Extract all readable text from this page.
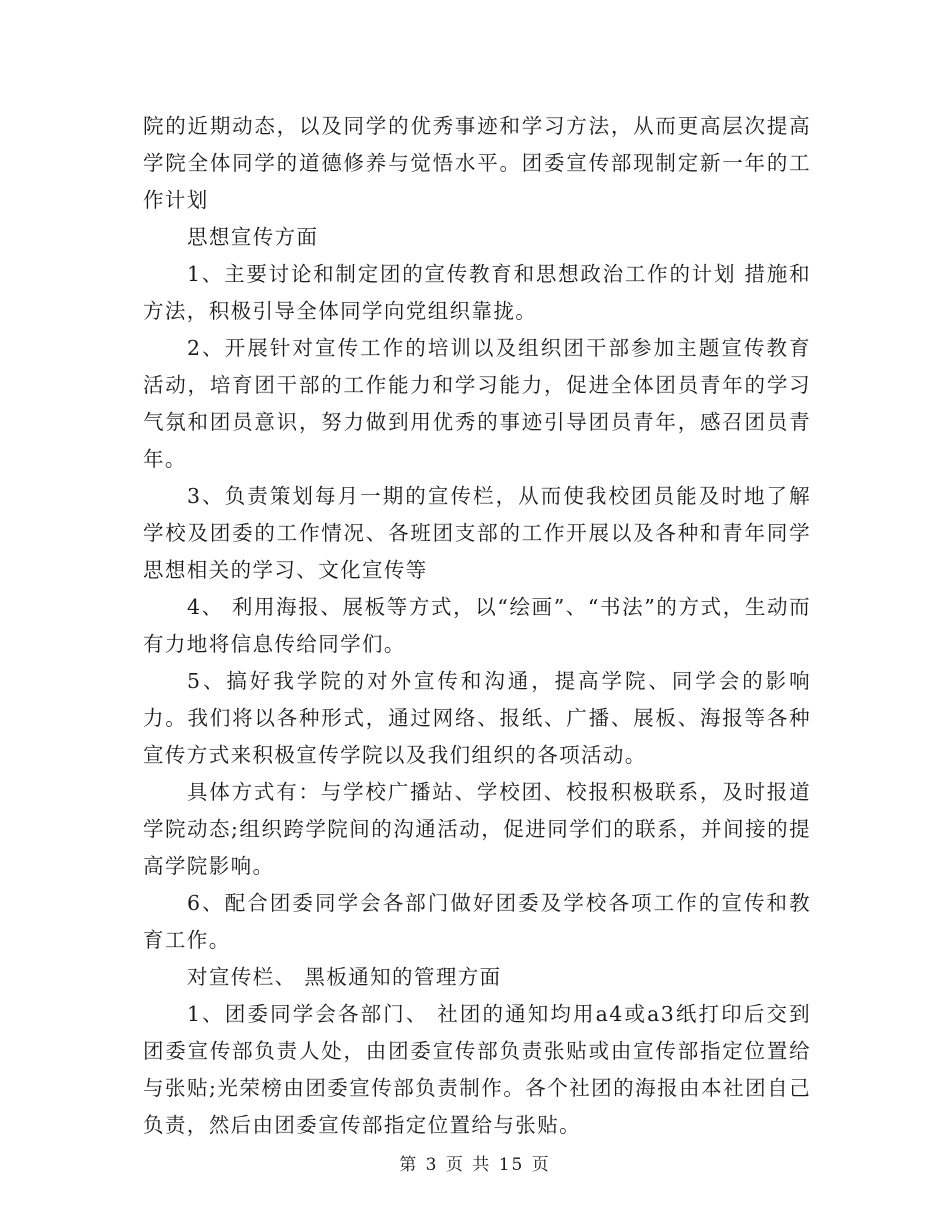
院的近期动态，以及同学的优秀事迹和学习方法，从而更高层次提高学院全体同学的道德修养与觉悟水平。团委宣传部现制定新一年的工作计划

思想宣传方面

1、主要讨论和制定团的宣传教育和思想政治工作的计划 措施和方法，积极引导全体同学向党组织靠拢。

2、开展针对宣传工作的培训以及组织团干部参加主题宣传教育活动，培育团干部的工作能力和学习能力，促进全体团员青年的学习气氛和团员意识，努力做到用优秀的事迹引导团员青年，感召团员青年。

3、负责策划每月一期的宣传栏，从而使我校团员能及时地了解学校及团委的工作情况、各班团支部的工作开展以及各种和青年同学思想相关的学习、文化宣传等

4、 利用海报、展板等方式，以“绘画”、“书法”的方式，生动而有力地将信息传给同学们。

5、搞好我学院的对外宣传和沟通，提高学院、同学会的影响力。我们将以各种形式，通过网络、报纸、广播、展板、海报等各种宣传方式来积极宣传学院以及我们组织的各项活动。

具体方式有：与学校广播站、学校团、校报积极联系，及时报道学院动态;组织跨学院间的沟通活动，促进同学们的联系，并间接的提高学院影响。

6、配合团委同学会各部门做好团委及学校各项工作的宣传和教育工作。

对宣传栏、 黑板通知的管理方面

1、团委同学会各部门、 社团的通知均用a4或a3纸打印后交到团委宣传部负责人处，由团委宣传部负责张贴或由宣传部指定位置给与张贴;光荣榜由团委宣传部负责制作。各个社团的海报由本社团自己负责，然后由团委宣传部指定位置给与张贴。

第 3 页 共 15 页
